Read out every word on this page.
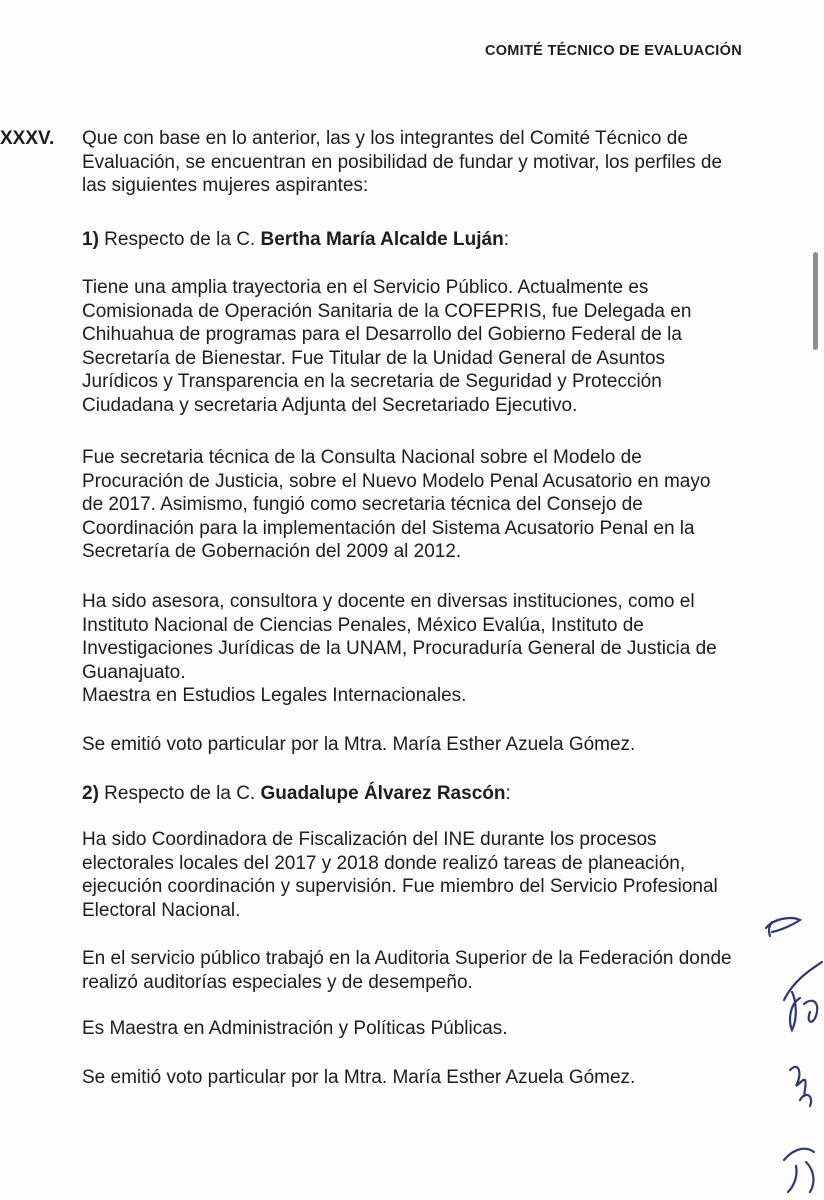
COMITÉ TÉCNICO DE EVALUACIÓN
XXXV. Que con base en lo anterior, las y los integrantes del Comité Técnico de
Evaluación, se encuentran en posibilidad de fundar y motivar, los perfiles de
las siguientes mujeres aspirantes:
1) Respecto de la C. Bertha María Alcalde Luján:
Tiene una amplia trayectoria en el Servicio Público. Actualmente es
Comisionada de Operación Sanitaria de la COFEPRIS, fue Delegada en
Chihuahua de programas para el Desarrollo del Gobierno Federal de la
Secretaría de Bienestar. Fue Titular de la Unidad General de Asuntos
Jurídicos y Transparencia en la secretaria de Seguridad y Protección
Ciudadana y secretaria Adjunta del Secretariado Ejecutivo.
Fue secretaria técnica de la Consulta Nacional sobre el Modelo de
Procuración de Justicia, sobre el Nuevo Modelo Penal Acusatorio en mayo
de 2017. Asimismo, fungió como secretaria técnica del Consejo de
Coordinación para la implementación del Sistema Acusatorio Penal en la
Secretaría de Gobernación del 2009 al 2012.
Ha sido asesora, consultora y docente en diversas instituciones, como el
Instituto Nacional de Ciencias Penales, México Evalúa, Instituto de
Investigaciones Jurídicas de la UNAM, Procuraduría General de Justicia de
Guanajuato.
Maestra en Estudios Legales Internacionales.
Se emitió voto particular por la Mtra. María Esther Azuela Gómez.
2) Respecto de la C. Guadalupe Álvarez Rascón:
Ha sido Coordinadora de Fiscalización del INE durante los procesos
electorales locales del 2017 y 2018 donde realizó tareas de planeación,
ejecución coordinación y supervisión. Fue miembro del Servicio Profesional
Electoral Nacional.
En el servicio público trabajó en la Auditoria Superior de la Federación donde
realizó auditorías especiales y de desempeño.
Es Maestra en Administración y Políticas Públicas.
Se emitió voto particular por la Mtra. María Esther Azuela Gómez.
